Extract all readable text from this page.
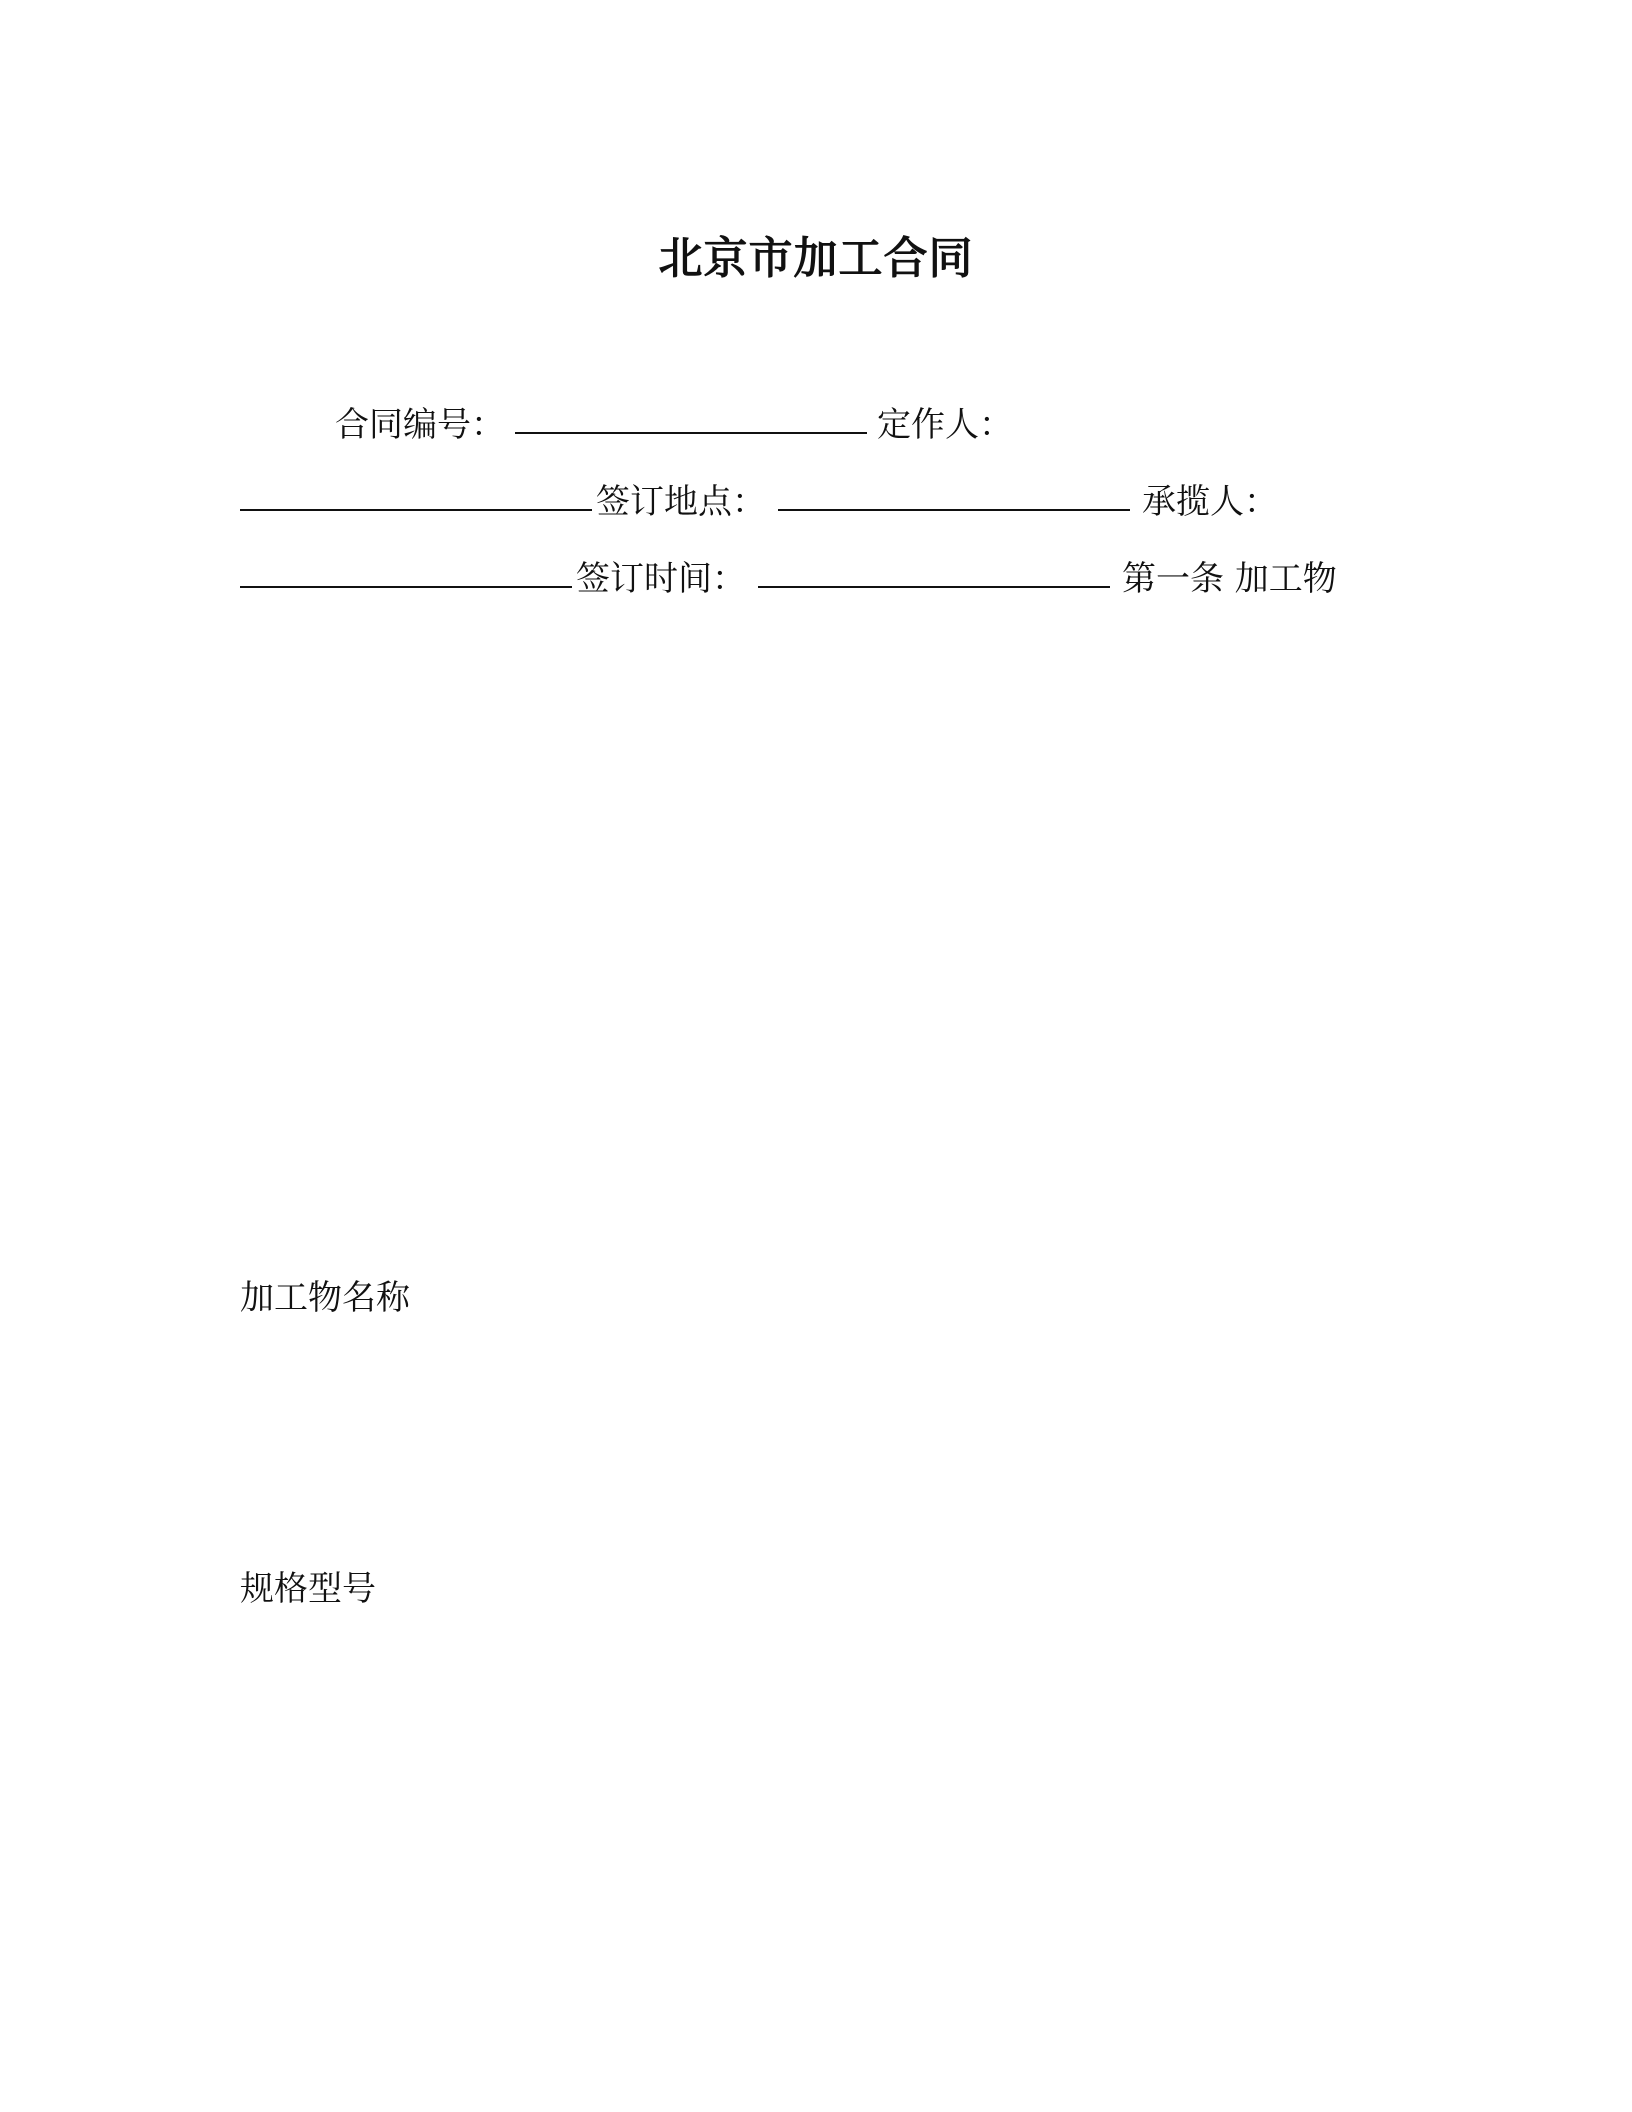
北京市加工合同
合同编号：	定作人：
签订地点：	承揽人：
签订时间：	第一条 加工物
加工物名称
规格型号
